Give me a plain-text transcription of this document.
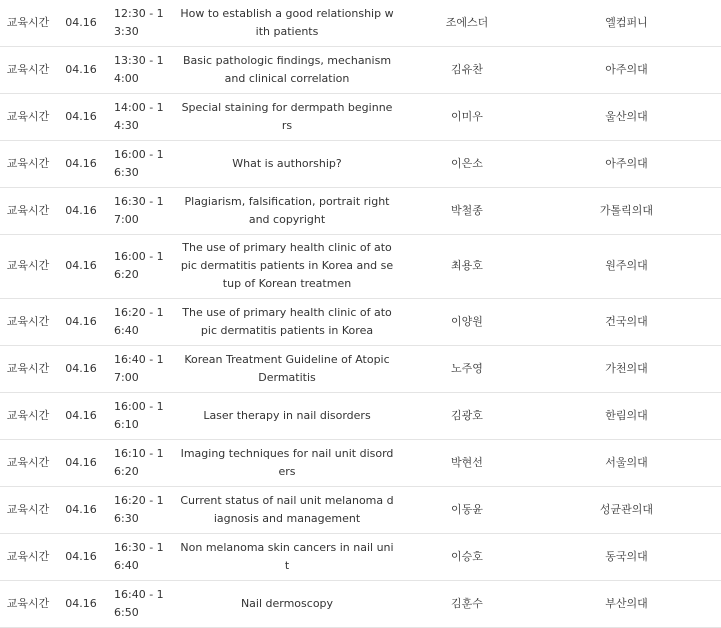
교육시간	04.16	12:30 - 13:30	How to establish a good relationship with patients	조에스더	엘컴퍼니
교육시간	04.16	13:30 - 14:00	Basic pathologic findings, mechanism and clinical correlation	김유찬	아주의대
교육시간	04.16	14:00 - 14:30	Special staining for dermpath beginners	이미우	울산의대
교육시간	04.16	16:00 - 16:30	What is authorship?	이은소	아주의대
교육시간	04.16	16:30 - 17:00	Plagiarism, falsification, portrait right and copyright	박철종	가톨릭의대
교육시간	04.16	16:00 - 16:20	The use of primary health clinic of atopic dermatitis patients in Korea and setup of Korean treatmen	최용호	원주의대
교육시간	04.16	16:20 - 16:40	The use of primary health clinic of atopic dermatitis patients in Korea	이양원	건국의대
교육시간	04.16	16:40 - 17:00	Korean Treatment Guideline of Atopic Dermatitis	노주영	가천의대
교육시간	04.16	16:00 - 16:10	Laser therapy in nail disorders	김광호	한림의대
교육시간	04.16	16:10 - 16:20	Imaging techniques for nail unit disorders	박현선	서울의대
교육시간	04.16	16:20 - 16:30	Current status of nail unit melanoma diagnosis and management	이동윤	성균관의대
교육시간	04.16	16:30 - 16:40	Non melanoma skin cancers in nail unit	이승호	동국의대
교육시간	04.16	16:40 - 16:50	Nail dermoscopy	김훈수	부산의대
